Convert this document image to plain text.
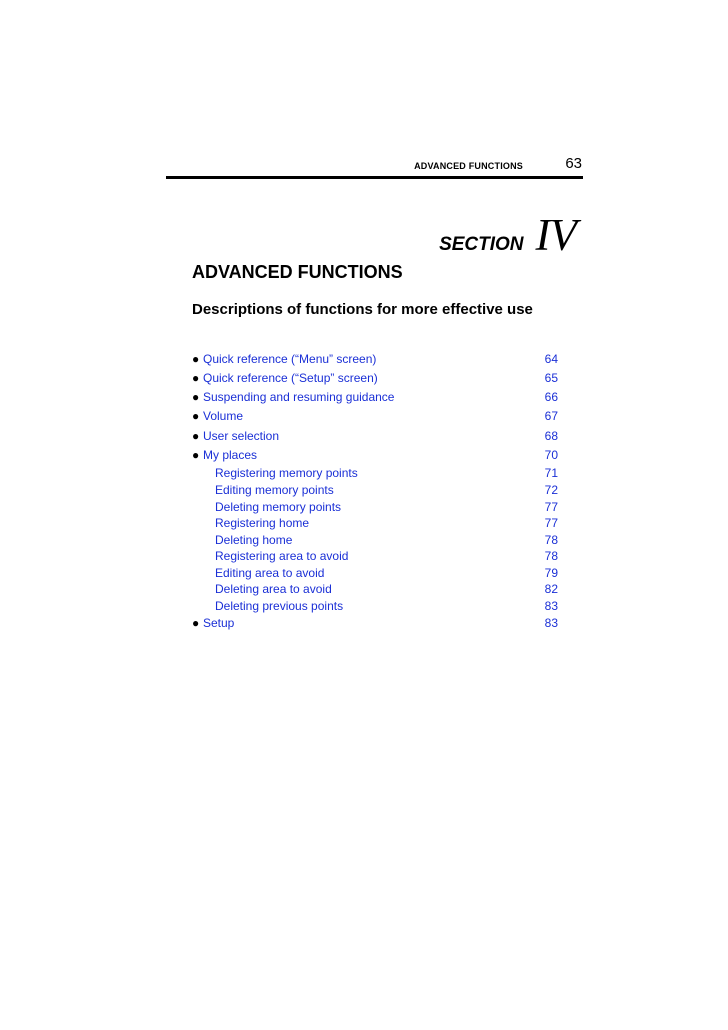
ADVANCED FUNCTIONS	63
SECTION IV
ADVANCED FUNCTIONS
Descriptions of functions for more effective use
● Quick reference (“Menu” screen)	64
● Quick reference (“Setup” screen)	65
● Suspending and resuming guidance	66
● Volume	67
● User selection	68
● My places	70
Registering memory points	71
Editing memory points	72
Deleting memory points	77
Registering home	77
Deleting home	78
Registering area to avoid	78
Editing area to avoid	79
Deleting area to avoid	82
Deleting previous points	83
● Setup	83
